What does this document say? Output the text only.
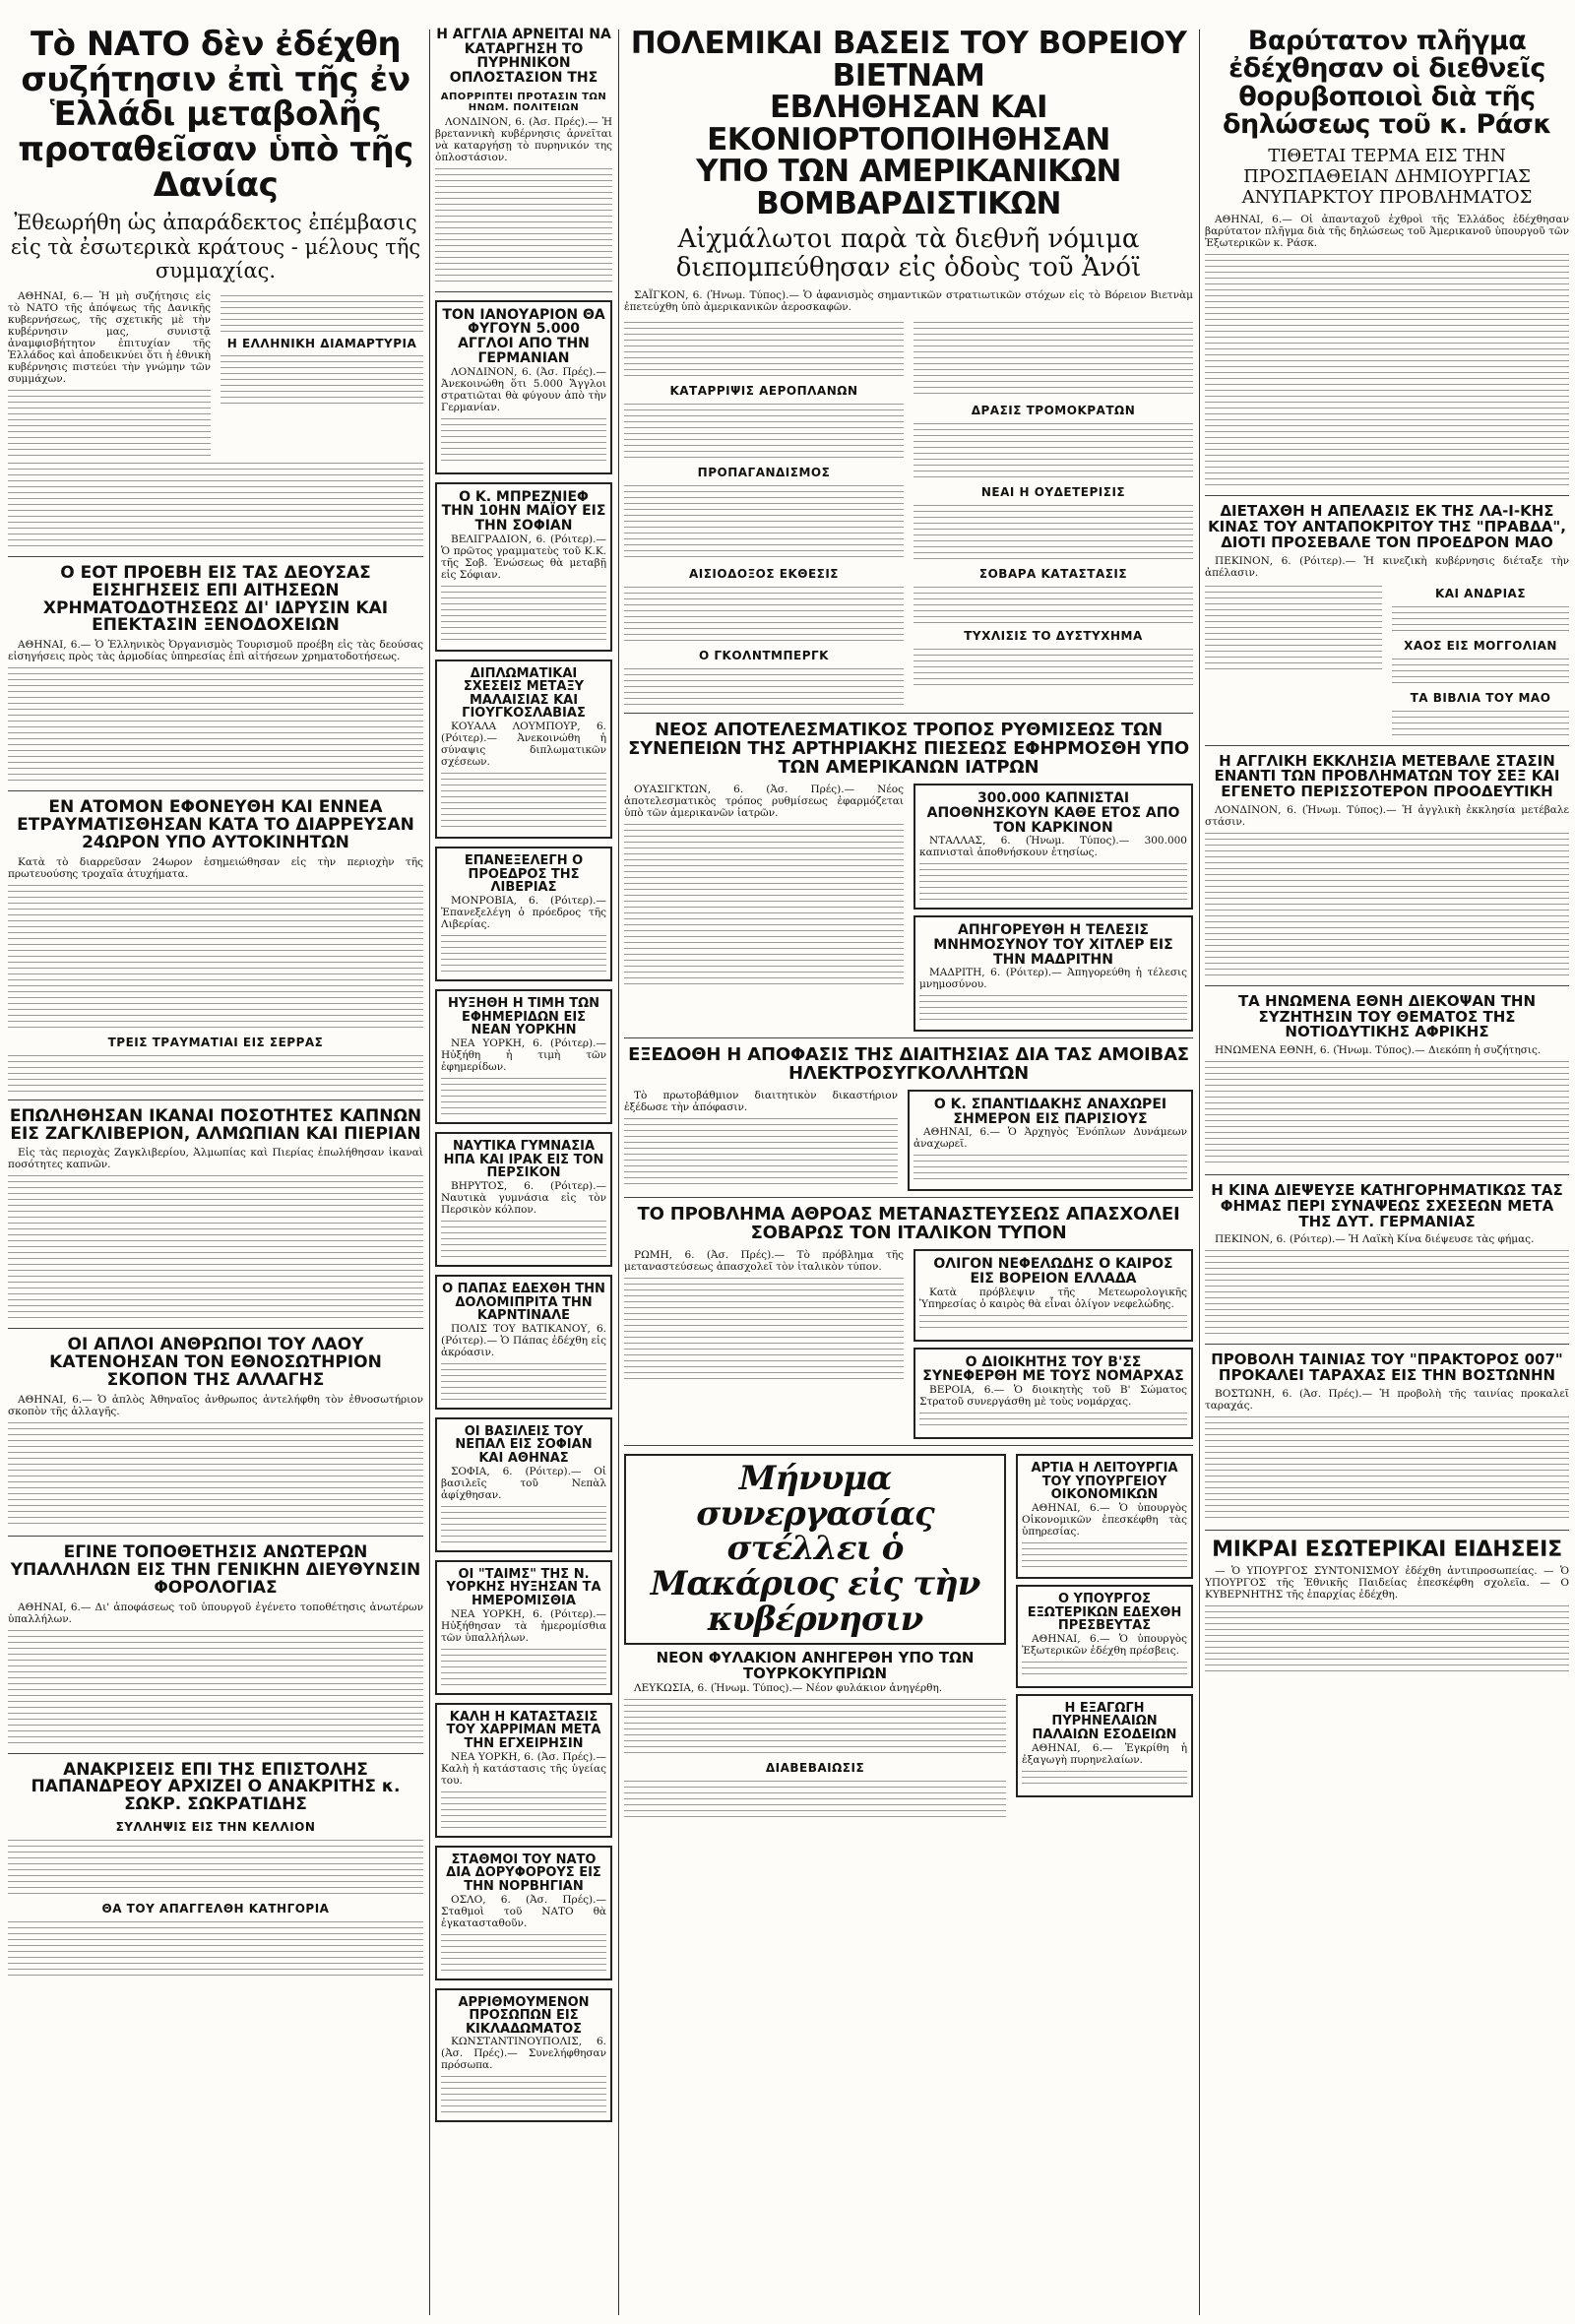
Τὸ ΝΑΤΟ δὲν ἐδέχθη συζήτησιν ἐπὶ τῆς ἐν Ἑλλάδι μεταβολῆς προταθεῖσαν ὑπὸ τῆς Δανίας
Ἐθεωρήθη ὡς ἀπαράδεκτος ἐπέμβασις εἰς τὰ ἐσωτερικὰ κράτους - μέλους τῆς συμμαχίας.

ΑΘΗΝΑΙ, 6.— Ἡ μὴ συζήτησις εἰς τὸ ΝΑΤΟ τῆς ἀπόψεως τῆς Δανικῆς κυβερνήσεως, τῆς σχετικῆς μὲ τὴν κυβέρνησιν μας, συνιστᾷ ἀναμφισβήτητον ἐπιτυχίαν τῆς Ἑλλάδος καὶ ἀποδεικνύει ὅτι ἡ ἐθνικὴ κυβέρνησις πιστεύει τὴν γνώμην τῶν συμμάχων.

Η ΕΛΛΗΝΙΚΗ ΔΙΑΜΑΡΤΥΡΙΑ
Ο ΕΟΤ ΠΡΟΕΒΗ ΕΙΣ ΤΑΣ ΔΕΟΥΣΑΣ ΕΙΣΗΓΗΣΕΙΣ ΕΠΙ ΑΙΤΗΣΕΩΝ ΧΡΗΜΑΤΟΔΟΤΗΣΕΩΣ ΔΙ' ΙΔΡΥΣΙΝ ΚΑΙ ΕΠΕΚΤΑΣΙΝ ΞΕΝΟΔΟΧΕΙΩΝ

ΑΘΗΝΑΙ, 6.— Ὁ Ἑλληνικὸς Ὀργανισμὸς Τουρισμοῦ προέβη εἰς τὰς δεούσας εἰσηγήσεις πρὸς τὰς ἁρμοδίας ὑπηρεσίας ἐπὶ αἰτήσεων χρηματοδοτήσεως.

ΕΝ ΑΤΟΜΟΝ ΕΦΟΝΕΥΘΗ ΚΑΙ ΕΝΝΕΑ ΕΤΡΑΥΜΑΤΙΣΘΗΣΑΝ ΚΑΤΑ ΤΟ ΔΙΑΡΡΕΥΣΑΝ 24ΩΡΟΝ ΥΠΟ ΑΥΤΟΚΙΝΗΤΩΝ

Κατὰ τὸ διαρρεῦσαν 24ωρον ἐσημειώθησαν εἰς τὴν περιοχὴν τῆς πρωτευούσης τροχαῖα ἀτυχήματα.

ΤΡΕΙΣ ΤΡΑΥΜΑΤΙΑΙ ΕΙΣ ΣΕΡΡΑΣ
ΕΠΩΛΗΘΗΣΑΝ ΙΚΑΝΑΙ ΠΟΣΟΤΗΤΕΣ ΚΑΠΝΩΝ ΕΙΣ ΖΑΓΚΛΙΒΕΡΙΟΝ, ΑΛΜΩΠΙΑΝ ΚΑΙ ΠΙΕΡΙΑΝ

Εἰς τὰς περιοχὰς Ζαγκλιβερίου, Ἀλμωπίας καὶ Πιερίας ἐπωλήθησαν ἱκαναὶ ποσότητες καπνῶν.

ΟΙ ΑΠΛΟΙ ΑΝΘΡΩΠΟΙ ΤΟΥ ΛΑΟΥ ΚΑΤΕΝΟΗΣΑΝ ΤΟΝ ΕΘΝΟΣΩΤΗΡΙΟΝ ΣΚΟΠΟΝ ΤΗΣ ΑΛΛΑΓΗΣ

ΑΘΗΝΑΙ, 6.— Ὁ ἁπλὸς Ἀθηναῖος ἀνθρωπος ἀντελήφθη τὸν ἐθνοσωτήριον σκοπὸν τῆς ἀλλαγῆς.

ΕΓΙΝΕ ΤΟΠΟΘΕΤΗΣΙΣ ΑΝΩΤΕΡΩΝ ΥΠΑΛΛΗΛΩΝ ΕΙΣ ΤΗΝ ΓΕΝΙΚΗΝ ΔΙΕΥΘΥΝΣΙΝ ΦΟΡΟΛΟΓΙΑΣ

ΑΘΗΝΑΙ, 6.— Δι' ἀποφάσεως τοῦ ὑπουργοῦ ἐγένετο τοποθέτησις ἀνωτέρων ὑπαλλήλων.

ΑΝΑΚΡΙΣΕΙΣ ΕΠΙ ΤΗΣ ΕΠΙΣΤΟΛΗΣ ΠΑΠΑΝΔΡΕΟΥ ΑΡΧΙΖΕΙ Ο ΑΝΑΚΡΙΤΗΣ κ. ΣΩΚΡ. ΣΩΚΡΑΤΙΔΗΣ
ΣΥΛΛΗΨΙΣ ΕΙΣ ΤΗΝ ΚΕΛΛΙΟΝ
ΘΑ ΤΟΥ ΑΠΑΓΓΕΛΘΗ ΚΑΤΗΓΟΡΙΑ
Η ΑΓΓΛΙΑ ΑΡΝΕΙΤΑΙ ΝΑ ΚΑΤΑΡΓΗΣΗ ΤΟ ΠΥΡΗΝΙΚΟΝ ΟΠΛΟΣΤΑΣΙΟΝ ΤΗΣ
ΑΠΟΡΡΙΠΤΕΙ ΠΡΟΤΑΣΙΝ ΤΩΝ ΗΝΩΜ. ΠΟΛΙΤΕΙΩΝ

ΛΟΝΔΙΝΟΝ, 6. (Ἀσ. Πρές).— Ἡ βρεταννικὴ κυβέρνησις ἀρνεῖται νὰ καταργήσῃ τὸ πυρηνικόν της ὁπλοστάσιον.

ΤΟΝ ΙΑΝΟΥΑΡΙΟΝ ΘΑ ΦΥΓΟΥΝ 5.000 ΑΓΓΛΟΙ ΑΠΟ ΤΗΝ ΓΕΡΜΑΝΙΑΝ

ΛΟΝΔΙΝΟΝ, 6. (Ἀσ. Πρές).— Ἀνεκοινώθη ὅτι 5.000 Ἄγγλοι στρατιῶται θὰ φύγουν ἀπὸ τὴν Γερμανίαν.

Ο Κ. ΜΠΡΕΖΝΙΕΦ ΤΗΝ 10ΗΝ ΜΑΪΟΥ ΕΙΣ ΤΗΝ ΣΟΦΙΑΝ

ΒΕΛΙΓΡΑΔΙΟΝ, 6. (Ρόιτερ).— Ὁ πρῶτος γραμματεὺς τοῦ Κ.Κ. τῆς Σοβ. Ἑνώσεως θὰ μεταβῇ εἰς Σόφιαν.

ΔΙΠΛΩΜΑΤΙΚΑΙ ΣΧΕΣΕΙΣ ΜΕΤΑΞΥ ΜΑΛΑΙΣΙΑΣ ΚΑΙ ΓΙΟΥΓΚΟΣΛΑΒΙΑΣ

ΚΟΥΑΛΑ ΛΟΥΜΠΟΥΡ, 6. (Ρόιτερ).— Ἀνεκοινώθη ἡ σύναψις διπλωματικῶν σχέσεων.

ΕΠΑΝΕΞΕΛΕΓΗ Ο ΠΡΟΕΔΡΟΣ ΤΗΣ ΛΙΒΕΡΙΑΣ

ΜΟΝΡΟΒΙΑ, 6. (Ρόιτερ).— Ἐπανεξελέγη ὁ πρόεδρος τῆς Λιβερίας.

ΗΥΞΗΘΗ Η ΤΙΜΗ ΤΩΝ ΕΦΗΜΕΡΙΔΩΝ ΕΙΣ ΝΕΑΝ ΥΟΡΚΗΝ

ΝΕΑ ΥΟΡΚΗ, 6. (Ρόιτερ).— Ηὐξήθη ἡ τιμὴ τῶν ἐφημερίδων.

ΝΑΥΤΙΚΑ ΓΥΜΝΑΣΙΑ ΗΠΑ ΚΑΙ ΙΡΑΚ ΕΙΣ ΤΟΝ ΠΕΡΣΙΚΟΝ

ΒΗΡΥΤΟΣ, 6. (Ρόιτερ).— Ναυτικὰ γυμνάσια εἰς τὸν Περσικὸν κόλπον.

Ο ΠΑΠΑΣ ΕΔΕΧΘΗ ΤΗΝ ΔΟΛΟΜΙΠΡΙΤΑ ΤΗΝ ΚΑΡΝΤΙΝΑΛΕ

ΠΟΛΙΣ ΤΟΥ ΒΑΤΙΚΑΝΟΥ, 6. (Ρόιτερ).— Ὁ Πάπας ἐδέχθη εἰς ἀκρόασιν.

ΟΙ ΒΑΣΙΛΕΙΣ ΤΟΥ ΝΕΠΑΛ ΕΙΣ ΣΟΦΙΑΝ ΚΑΙ ΑΘΗΝΑΣ

ΣΟΦΙΑ, 6. (Ρόιτερ).— Οἱ βασιλεῖς τοῦ Νεπὰλ ἀφίχθησαν.

ΟΙ "ΤΑΙΜΣ" ΤΗΣ Ν. ΥΟΡΚΗΣ ΗΥΞΗΣΑΝ ΤΑ ΗΜΕΡΟΜΙΣΘΙΑ

ΝΕΑ ΥΟΡΚΗ, 6. (Ρόιτερ).— Ηὐξήθησαν τὰ ἡμερομίσθια τῶν ὑπαλλήλων.

ΚΑΛΗ Η ΚΑΤΑΣΤΑΣΙΣ ΤΟΥ ΧΑΡΡΙΜΑΝ ΜΕΤΑ ΤΗΝ ΕΓΧΕΙΡΗΣΙΝ

ΝΕΑ ΥΟΡΚΗ, 6. (Ἀσ. Πρές).— Καλὴ ἡ κατάστασις τῆς ὑγείας του.

ΣΤΑΘΜΟΙ ΤΟΥ ΝΑΤΟ ΔΙΑ ΔΟΡΥΦΟΡΟΥΣ ΕΙΣ ΤΗΝ ΝΟΡΒΗΓΙΑΝ

ΟΣΛΟ, 6. (Ἀσ. Πρές).— Σταθμοὶ τοῦ ΝΑΤΟ θὰ ἐγκατασταθοῦν.

ΑΡΡΙΘΜΟΥΜΕΝΟΝ ΠΡΟΣΩΠΩΝ ΕΙΣ ΚΙΚΛΑΔΩΜΑΤΟΣ

ΚΩΝΣΤΑΝΤΙΝΟΥΠΟΛΙΣ, 6. (Ἀσ. Πρές).— Συνελήφθησαν πρόσωπα.

ΠΟΛΕΜΙΚΑΙ ΒΑΣΕΙΣ ΤΟΥ ΒΟΡΕΙΟΥ ΒΙΕΤΝΑΜ
ΕΒΛΗΘΗΣΑΝ ΚΑΙ ΕΚΟΝΙΟΡΤΟΠΟΙΗΘΗΣΑΝ
ΥΠΟ ΤΩΝ ΑΜΕΡΙΚΑΝΙΚΩΝ ΒΟΜΒΑΡΔΙΣΤΙΚΩΝ
Αἰχμάλωτοι παρὰ τὰ διεθνῆ νόμιμα διεπομπεύθησαν εἰς ὁδοὺς τοῦ Ἀνόϊ

ΣΑΪΓΚΟΝ, 6. (Ἡνωμ. Τύπος).— Ὁ ἀφανισμὸς σημαντικῶν στρατιωτικῶν στόχων εἰς τὸ Βόρειον Βιετνὰμ ἐπετεύχθη ὑπὸ ἀμερικανικῶν ἀεροσκαφῶν.

ΚΑΤΑΡΡΙΨΙΣ ΑΕΡΟΠΛΑΝΩΝ
ΠΡΟΠΑΓΑΝΔΙΣΜΟΣ
ΑΙΣΙΟΔΟΞΟΣ ΕΚΘΕΣΙΣ
Ο ΓΚΟΛΝΤΜΠΕΡΓΚ
ΔΡΑΣΙΣ ΤΡΟΜΟΚΡΑΤΩΝ
ΝΕΑΙ Η ΟΥΔΕΤΕΡΙΣΙΣ
ΣΟΒΑΡΑ ΚΑΤΑΣΤΑΣΙΣ
ΤΥΧΛΙΣΙΣ ΤΟ ΔΥΣΤΥΧΗΜΑ
ΝΕΟΣ ΑΠΟΤΕΛΕΣΜΑΤΙΚΟΣ ΤΡΟΠΟΣ ΡΥΘΜΙΣΕΩΣ ΤΩΝ ΣΥΝΕΠΕΙΩΝ ΤΗΣ ΑΡΤΗΡΙΑΚΗΣ ΠΙΕΣΕΩΣ ΕΦΗΡΜΟΣΘΗ ΥΠΟ ΤΩΝ ΑΜΕΡΙΚΑΝΩΝ ΙΑΤΡΩΝ

ΟΥΑΣΙΓΚΤΩΝ, 6. (Ἀσ. Πρές).— Νέος ἀποτελεσματικὸς τρόπος ρυθμίσεως ἐφαρμόζεται ὑπὸ τῶν ἀμερικανῶν ἰατρῶν.

300.000 ΚΑΠΝΙΣΤΑΙ ΑΠΟΘΝΗΣΚΟΥΝ ΚΑΘΕ ΕΤΟΣ ΑΠΟ ΤΟΝ ΚΑΡΚΙΝΟΝ

ΝΤΑΛΛΑΣ, 6. (Ἡνωμ. Τύπος).— 300.000 καπνισταὶ ἀποθνήσκουν ἐτησίως.

ΑΠΗΓΟΡΕΥΘΗ Η ΤΕΛΕΣΙΣ ΜΝΗΜΟΣΥΝΟΥ ΤΟΥ ΧΙΤΛΕΡ ΕΙΣ ΤΗΝ ΜΑΔΡΙΤΗΝ

ΜΑΔΡΙΤΗ, 6. (Ρόιτερ).— Ἀπηγορεύθη ἡ τέλεσις μνημοσύνου.

ΕΞΕΔΟΘΗ Η ΑΠΟΦΑΣΙΣ ΤΗΣ ΔΙΑΙΤΗΣΙΑΣ ΔΙΑ ΤΑΣ ΑΜΟΙΒΑΣ ΗΛΕΚΤΡΟΣΥΓΚΟΛΛΗΤΩΝ

Τὸ πρωτοβάθμιον διαιτητικὸν δικαστήριον ἐξέδωσε τὴν ἀπόφασιν.	Ο Κ. ΣΠΑΝΤΙΔΑΚΗΣ ΑΝΑΧΩΡΕΙ ΣΗΜΕΡΟΝ ΕΙΣ ΠΑΡΙΣΙΟΥΣ

ΑΘΗΝΑΙ, 6.— Ὁ Ἀρχηγὸς Ἐνόπλων Δυνάμεων ἀναχωρεῖ.

ΤΟ ΠΡΟΒΛΗΜΑ ΑΘΡΟΑΣ ΜΕΤΑΝΑΣΤΕΥΣΕΩΣ ΑΠΑΣΧΟΛΕΙ ΣΟΒΑΡΩΣ ΤΟΝ ΙΤΑΛΙΚΟΝ ΤΥΠΟΝ

ΡΩΜΗ, 6. (Ἀσ. Πρές).— Τὸ πρόβλημα τῆς μεταναστεύσεως ἀπασχολεῖ τὸν ἰταλικὸν τύπον.	ΟΛΙΓΟΝ ΝΕΦΕΛΩΔΗΣ Ο ΚΑΙΡΟΣ ΕΙΣ ΒΟΡΕΙΟΝ ΕΛΛΑΔΑ

Κατὰ πρόβλεψιν τῆς Μετεωρολογικῆς Ὑπηρεσίας ὁ καιρὸς θὰ εἶναι ὀλίγον νεφελώδης.

Ο ΔΙΟΙΚΗΤΗΣ ΤΟΥ Β'ΣΣ ΣΥΝΕΦΕΡΘΗ ΜΕ ΤΟΥΣ ΝΟΜΑΡΧΑΣ

ΒΕΡΟΙΑ, 6.— Ὁ διοικητὴς τοῦ Β' Σώματος Στρατοῦ συνεργάσθη μὲ τοὺς νομάρχας.

Μήνυμα συνεργασίας στέλλει ὁ Μακάριος εἰς τὴν κυβέρνησιν
ΝΕΟΝ ΦΥΛΑΚΙΟΝ ΑΝΗΓΕΡΘΗ ΥΠΟ ΤΩΝ ΤΟΥΡΚΟΚΥΠΡΙΩΝ

ΛΕΥΚΩΣΙΑ, 6. (Ἡνωμ. Τύπος).— Νέον φυλάκιον ἀνηγέρθη.

ΔΙΑΒΕΒΑΙΩΣΙΣ
ΑΡΤΙΑ Η ΛΕΙΤΟΥΡΓΙΑ ΤΟΥ ΥΠΟΥΡΓΕΙΟΥ ΟΙΚΟΝΟΜΙΚΩΝ

ΑΘΗΝΑΙ, 6.— Ὁ ὑπουργὸς Οἰκονομικῶν ἐπεσκέφθη τὰς ὑπηρεσίας.

Ο ΥΠΟΥΡΓΟΣ ΕΞΩΤΕΡΙΚΩΝ ΕΔΕΧΘΗ ΠΡΕΣΒΕΥΤΑΣ

ΑΘΗΝΑΙ, 6.— Ὁ ὑπουργὸς Ἐξωτερικῶν ἐδέχθη πρέσβεις.

Η ΕΞΑΓΩΓΗ ΠΥΡΗΝΕΛΑΙΩΝ ΠΑΛΑΙΩΝ ΕΣΟΔΕΙΩΝ

ΑΘΗΝΑΙ, 6.— Ἐγκρίθη ἡ ἐξαγωγὴ πυρηνελαίων.

Βαρύτατον πλῆγμα ἐδέχθησαν οἱ διεθνεῖς θορυβοποιοὶ διὰ τῆς δηλώσεως τοῦ κ. Ράσκ
ΤΙΘΕΤΑΙ ΤΕΡΜΑ ΕΙΣ ΤΗΝ ΠΡΟΣΠΑΘΕΙΑΝ ΔΗΜΙΟΥΡΓΙΑΣ ΑΝΥΠΑΡΚΤΟΥ ΠΡΟΒΛΗΜΑΤΟΣ

ΑΘΗΝΑΙ, 6.— Οἱ ἀπανταχοῦ ἐχθροὶ τῆς Ἑλλάδος ἐδέχθησαν βαρύτατον πλῆγμα διὰ τῆς δηλώσεως τοῦ Ἀμερικανοῦ ὑπουργοῦ τῶν Ἐξωτερικῶν κ. Ράσκ.

ΔΙΕΤΑΧΘΗ Η ΑΠΕΛΑΣΙΣ ΕΚ ΤΗΣ ΛΑ-Ι-ΚΗΣ ΚΙΝΑΣ ΤΟΥ ΑΝΤΑΠΟΚΡΙΤΟΥ ΤΗΣ "ΠΡΑΒΔΑ", ΔΙΟΤΙ ΠΡΟΣΕΒΑΛΕ ΤΟΝ ΠΡΟΕΔΡΟΝ ΜΑΟ

ΠΕΚΙΝΟΝ, 6. (Ρόιτερ).— Ἡ κινεζικὴ κυβέρνησις διέταξε τὴν ἀπέλασιν.

ΚΑΙ ΑΝΔΡΙΑΣ
ΧΑΟΣ ΕΙΣ ΜΟΓΓΟΛΙΑΝ
ΤΑ ΒΙΒΛΙΑ ΤΟΥ ΜΑΟ
Η ΑΓΓΛΙΚΗ ΕΚΚΛΗΣΙΑ ΜΕΤΕΒΑΛΕ ΣΤΑΣΙΝ ΕΝΑΝΤΙ ΤΩΝ ΠΡΟΒΛΗΜΑΤΩΝ ΤΟΥ ΣΕΞ ΚΑΙ ΕΓΕΝΕΤΟ ΠΕΡΙΣΣΟΤΕΡΟΝ ΠΡΟΟΔΕΥΤΙΚΗ

ΛΟΝΔΙΝΟΝ, 6. (Ἡνωμ. Τύπος).— Ἡ ἀγγλικὴ ἐκκλησία μετέβαλε στάσιν.

ΤΑ ΗΝΩΜΕΝΑ ΕΘΝΗ ΔΙΕΚΟΨΑΝ ΤΗΝ ΣΥΖΗΤΗΣΙΝ ΤΟΥ ΘΕΜΑΤΟΣ ΤΗΣ ΝΟΤΙΟΔΥΤΙΚΗΣ ΑΦΡΙΚΗΣ

ΗΝΩΜΕΝΑ ΕΘΝΗ, 6. (Ἡνωμ. Τύπος).— Διεκόπη ἡ συζήτησις.

Η ΚΙΝΑ ΔΙΕΨΕΥΣΕ ΚΑΤΗΓΟΡΗΜΑΤΙΚΩΣ ΤΑΣ ΦΗΜΑΣ ΠΕΡΙ ΣΥΝΑΨΕΩΣ ΣΧΕΣΕΩΝ ΜΕΤΑ ΤΗΣ ΔΥΤ. ΓΕΡΜΑΝΙΑΣ

ΠΕΚΙΝΟΝ, 6. (Ρόιτερ).— Ἡ Λαϊκὴ Κίνα διέψευσε τὰς φήμας.

ΠΡΟΒΟΛΗ ΤΑΙΝΙΑΣ ΤΟΥ "ΠΡΑΚΤΟΡΟΣ 007" ΠΡΟΚΑΛΕΙ ΤΑΡΑΧΑΣ ΕΙΣ ΤΗΝ ΒΟΣΤΩΝΗΝ

ΒΟΣΤΩΝΗ, 6. (Ἀσ. Πρές).— Ἡ προβολὴ τῆς ταινίας προκαλεῖ ταραχάς.

ΜΙΚΡΑΙ ΕΣΩΤΕΡΙΚΑΙ ΕΙΔΗΣΕΙΣ

— Ὁ ΥΠΟΥΡΓΟΣ ΣΥΝΤΟΝΙΣΜΟΥ ἐδέχθη ἀντιπροσωπείας. — Ὁ ΥΠΟΥΡΓΟΣ τῆς Ἐθνικῆς Παιδείας ἐπεσκέφθη σχολεῖα. — Ο ΚΥΒΕΡΝΗΤΗΣ τῆς ἐπαρχίας ἐδέχθη.
